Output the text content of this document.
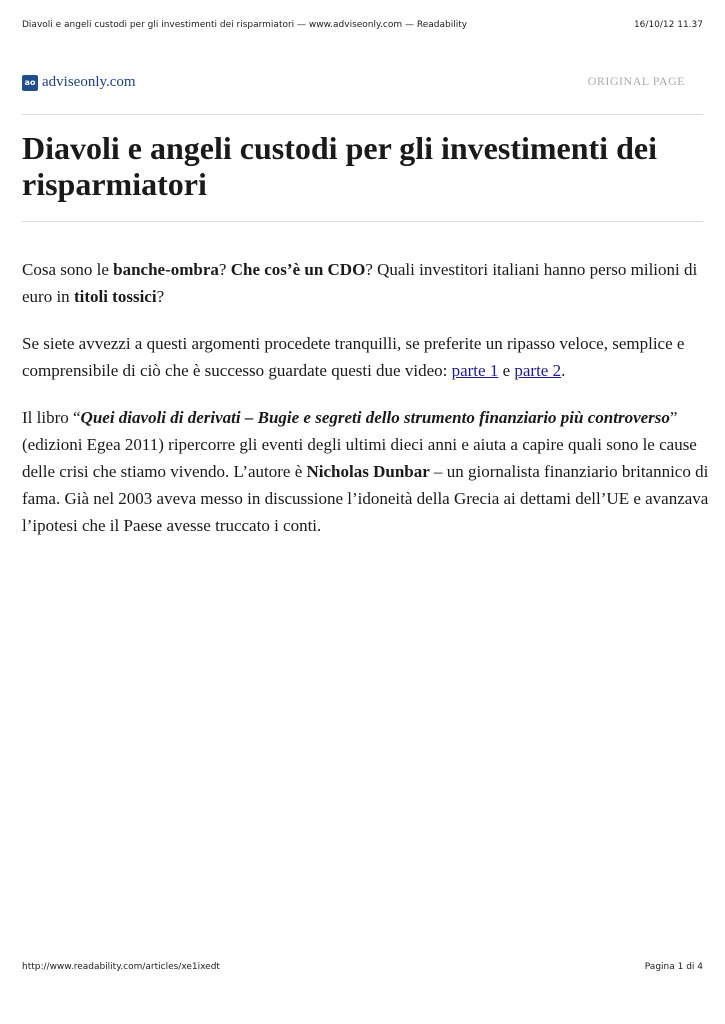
Diavoli e angeli custodi per gli investimenti dei risparmiatori — www.adviseonly.com — Readability	16/10/12 11.37
ao adviseonly.com	ORIGINAL PAGE
Diavoli e angeli custodi per gli investimenti dei risparmiatori

Cosa sono le banche-ombra? Che cos’è un CDO? Quali investitori italiani hanno perso milioni di euro in titoli tossici?

Se siete avvezzi a questi argomenti procedete tranquilli, se preferite un ripasso veloce, semplice e comprensibile di ciò che è successo guardate questi due video: parte 1 e parte 2.

Il libro “Quei diavoli di derivati – Bugie e segreti dello strumento finanziario più controverso” (edizioni Egea 2011) ripercorre gli eventi degli ultimi dieci anni e aiuta a capire quali sono le cause delle crisi che stiamo vivendo. L’autore è Nicholas Dunbar – un giornalista finanziario britannico di fama. Già nel 2003 aveva messo in discussione l’idoneità della Grecia ai dettami dell’UE e avanzava l’ipotesi che il Paese avesse truccato i conti.

http://www.readability.com/articles/xe1ixedt	Pagina 1 di 4
